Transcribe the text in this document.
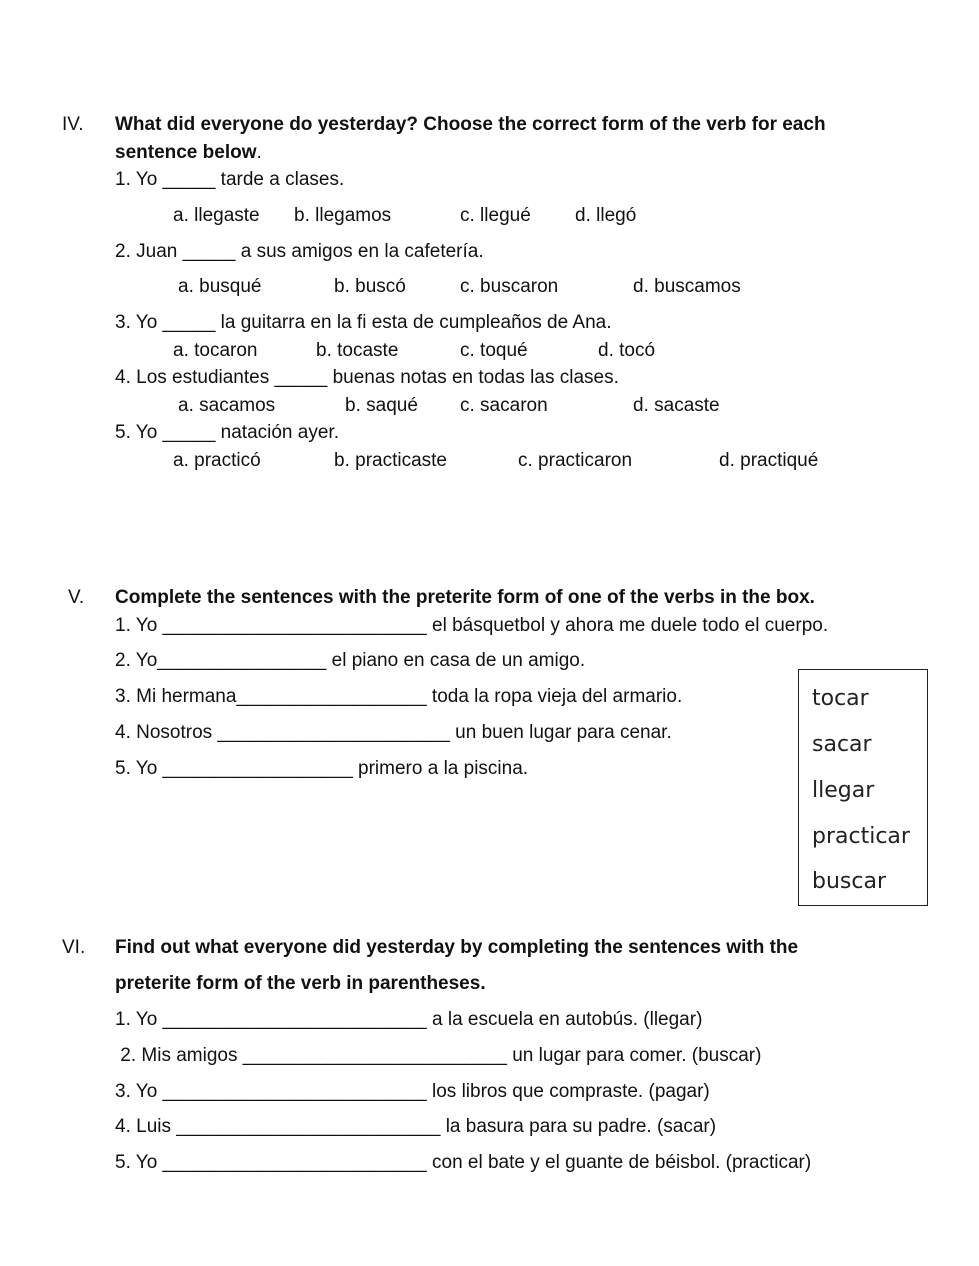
IV. What did everyone do yesterday? Choose the correct form of the verb for each
sentence below.
1. Yo _____ tarde a clases.
a. llegaste b. llegamos	c. llegué d. llegó
2. Juan _____ a sus amigos en la cafetería.
a. busqué	b. buscó	c. buscaron	d. buscamos
3. Yo _____ la guitarra en la fi esta de cumpleaños de Ana.
a. tocaron	b. tocaste	c. toqué	d. tocó
4. Los estudiantes _____ buenas notas en todas las clases.
a. sacamos	b. saqué c. sacaron	d. sacaste
5. Yo _____ natación ayer.
a. practicó	b. practicaste	c. practicaron	d. practiqué
V. Complete the sentences with the preterite form of one of the verbs in the box.
1. Yo _________________________ el básquetbol y ahora me duele todo el cuerpo.
2. Yo________________ el piano en casa de un amigo.
3. Mi hermana__________________ toda la ropa vieja del armario.
4. Nosotros ______________________ un buen lugar para cenar.
5. Yo __________________ primero a la piscina.
tocar
sacar
llegar
practicar
buscar
VI. Find out what everyone did yesterday by completing the sentences with the
preterite form of the verb in parentheses.
1. Yo _________________________ a la escuela en autobús. (llegar)
2. Mis amigos _________________________ un lugar para comer. (buscar)
3. Yo _________________________ los libros que compraste. (pagar)
4. Luis _________________________ la basura para su padre. (sacar)
5. Yo _________________________ con el bate y el guante de béisbol. (practicar)
